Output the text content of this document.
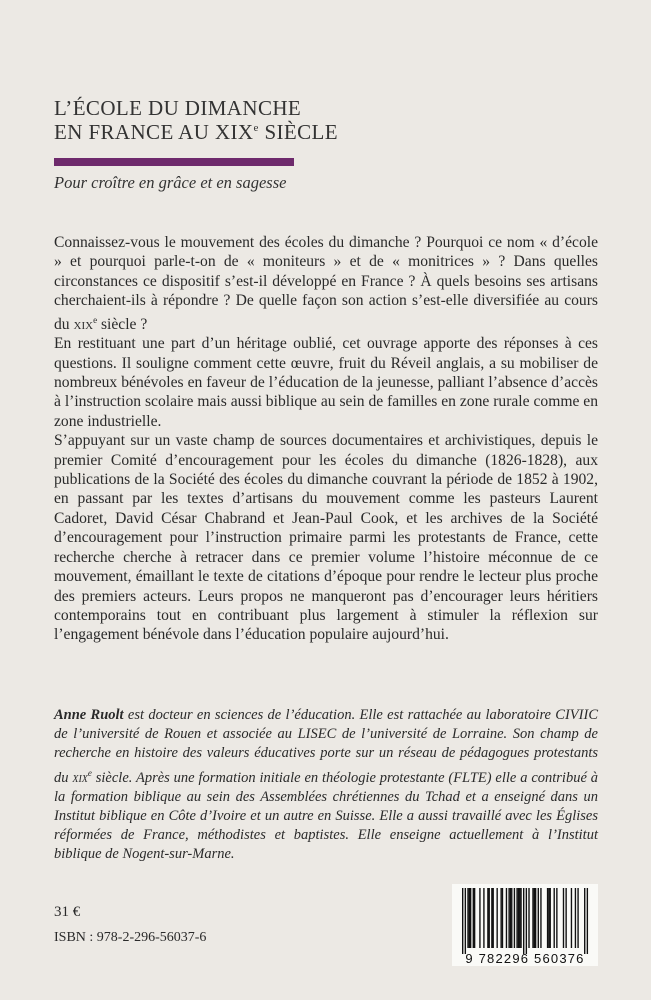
L’ÉCOLE DU DIMANCHE
EN FRANCE AU XIXe SIÈCLE
Pour croître en grâce et en sagesse

Connaissez-vous le mouvement des écoles du dimanche ? Pourquoi ce nom « d’école » et pourquoi parle-t-on de « moniteurs » et de « monitrices » ? Dans quelles circonstances ce dispositif s’est-il développé en France ? À quels besoins ses artisans cherchaient-ils à répondre ? De quelle façon son action s’est-elle diversifiée au cours du xix$^e$ siècle ?

En restituant une part d’un héritage oublié, cet ouvrage apporte des réponses à ces questions. Il souligne comment cette œuvre, fruit du Réveil anglais, a su mobiliser de nombreux bénévoles en faveur de l’éducation de la jeunesse, palliant l’absence d’accès à l’instruction scolaire mais aussi biblique au sein de familles en zone rurale comme en zone industrielle.

S’appuyant sur un vaste champ de sources documentaires et archivistiques, depuis le premier Comité d’encouragement pour les écoles du dimanche (1826-1828), aux publications de la Société des écoles du dimanche couvrant la période de 1852 à 1902, en passant par les textes d’artisans du mouvement comme les pasteurs Laurent Cadoret, David César Chabrand et Jean-Paul Cook, et les archives de la Société d’encouragement pour l’instruction primaire parmi les protestants de France, cette recherche cherche à retracer dans ce premier volume l’histoire méconnue de ce mouvement, émaillant le texte de citations d’époque pour rendre le lecteur plus proche des premiers acteurs. Leurs propos ne manqueront pas d’encourager leurs héritiers contemporains tout en contribuant plus largement à stimuler la réflexion sur l’engagement bénévole dans l’éducation populaire aujourd’hui.

Anne Ruolt est docteur en sciences de l’éducation. Elle est rattachée au laboratoire CIVIIC de l’université de Rouen et associée au LISEC de l’université de Lorraine. Son champ de recherche en histoire des valeurs éducatives porte sur un réseau de pédagogues protestants du xix$^e$ siècle. Après une formation initiale en théologie protestante (FLTE) elle a contribué à la formation biblique au sein des Assemblées chrétiennes du Tchad et a enseigné dans un Institut biblique en Côte d’Ivoire et un autre en Suisse. Elle a aussi travaillé avec les Églises réformées de France, méthodistes et baptistes. Elle enseigne actuellement à l’Institut biblique de Nogent-sur-Marne.
31 €
ISBN : 978-2-296-56037-6
9 782296 560376
